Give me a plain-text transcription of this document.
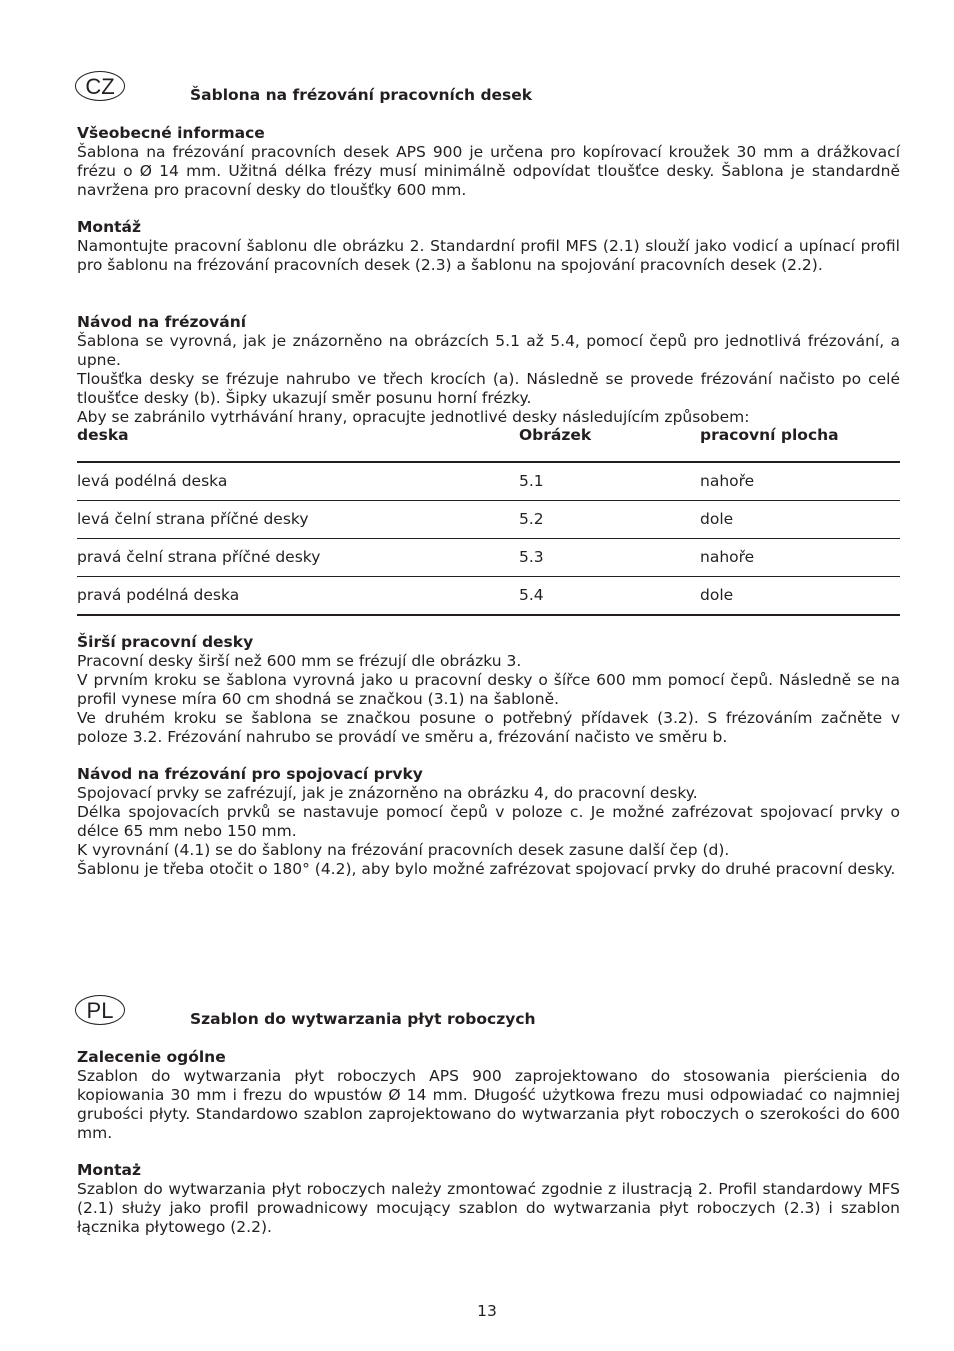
CZ	Šablona na frézování pracovních desek
Všeobecné informace

Šablona na frézování pracovních desek APS 900 je určena pro kopírovací kroužek 30 mm a drážkovací frézu o Ø 14 mm. Užitná délka frézy musí minimálně odpovídat tloušťce desky. Šablona je standardně navržena pro pracovní desky do tloušťky 600 mm.

Montáž

Namontujte pracovní šablonu dle obrázku 2. Standardní profil MFS (2.1) slouží jako vodicí a upínací profil pro šablonu na frézování pracovních desek (2.3) a šablonu na spojování pracovních desek (2.2).

Návod na frézování

Šablona se vyrovná, jak je znázorněno na obrázcích 5.1 až 5.4, pomocí čepů pro jednotlivá frézování, a upne.

Tloušťka desky se frézuje nahrubo ve třech krocích (a). Následně se provede frézování načisto po celé tloušťce desky (b). Šipky ukazují směr posunu horní frézky.

Aby se zabránilo vytrhávání hrany, opracujte jednotlivé desky následujícím způsobem:

deska	Obrázek	pracovní plocha
levá podélná deska	5.1	nahoře
levá čelní strana příčné desky	5.2	dole
pravá čelní strana příčné desky	5.3	nahoře
pravá podélná deska	5.4	dole
Širší pracovní desky

Pracovní desky širší než 600 mm se frézují dle obrázku 3.

V prvním kroku se šablona vyrovná jako u pracovní desky o šířce 600 mm pomocí čepů. Následně se na profil vynese míra 60 cm shodná se značkou (3.1) na šabloně.

Ve druhém kroku se šablona se značkou posune o potřebný přídavek (3.2). S frézováním začněte v poloze 3.2. Frézování nahrubo se provádí ve směru a, frézování načisto ve směru b.

Návod na frézování pro spojovací prvky

Spojovací prvky se zafrézují, jak je znázorněno na obrázku 4, do pracovní desky.

Délka spojovacích prvků se nastavuje pomocí čepů v poloze c. Je možné zafrézovat spojovací prvky o délce 65 mm nebo 150 mm.

K vyrovnání (4.1) se do šablony na frézování pracovních desek zasune další čep (d).

Šablonu je třeba otočit o 180° (4.2), aby bylo možné zafrézovat spojovací prvky do druhé pracovní desky.

PL	Szablon do wytwarzania płyt roboczych
Zalecenie ogólne

Szablon do wytwarzania płyt roboczych APS 900 zaprojektowano do stosowania pierścienia do kopiowania 30 mm i frezu do wpustów Ø 14 mm. Długość użytkowa frezu musi odpowiadać co najmniej grubości płyty. Standardowo szablon zaprojektowano do wytwarzania płyt roboczych o szerokości do 600 mm.

Montaż

Szablon do wytwarzania płyt roboczych należy zmontować zgodnie z ilustracją 2. Profil standardowy MFS (2.1) służy jako profil prowadnicowy mocujący szablon do wytwarzania płyt roboczych (2.3) i szablon łącznika płytowego (2.2).

13
